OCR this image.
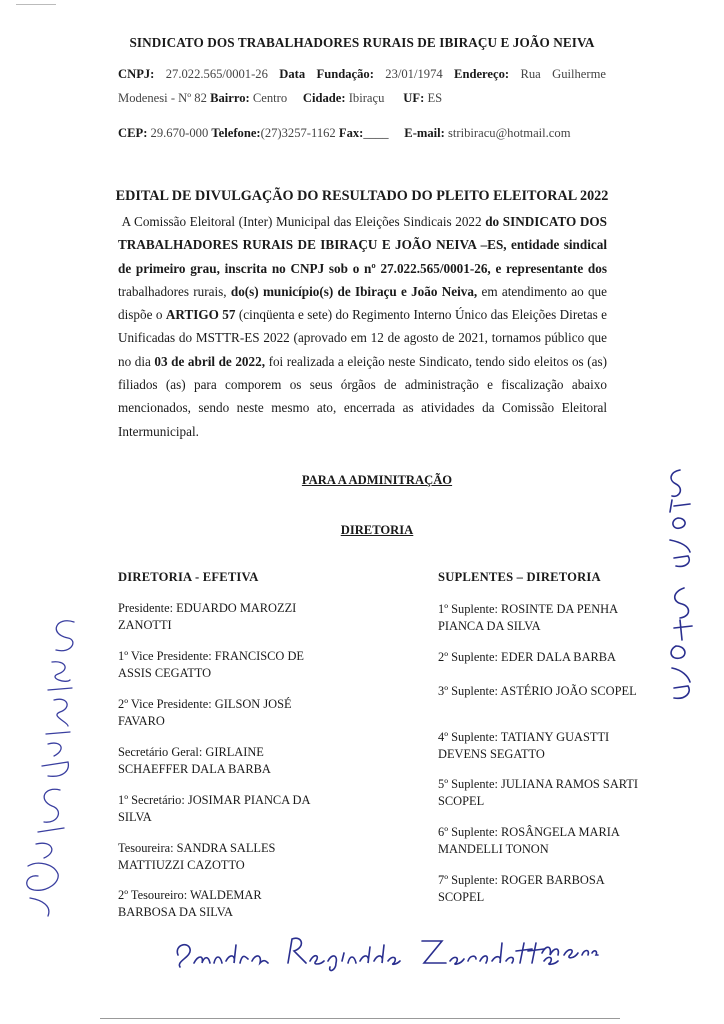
SINDICATO DOS TRABALHADORES RURAIS DE IBIRAÇU E JOÃO NEIVA
CNPJ: 27.022.565/0001-26 Data Fundação: 23/01/1974 Endereço: Rua Guilherme
Modenesi - Nº 82 Bairro: Centro Cidade: Ibiraçu UF: ES
CEP: 29.670-000 Telefone:(27)3257-1162 Fax:____ E-mail: stribiracu@hotmail.com
EDITAL DE DIVULGAÇÃO DO RESULTADO DO PLEITO ELEITORAL 2022
A Comissão Eleitoral (Inter) Municipal das Eleições Sindicais 2022 do SINDICATO DOS TRABALHADORES RURAIS DE IBIRAÇU E JOÃO NEIVA –ES, entidade sindical de primeiro grau, inscrita no CNPJ sob o nº 27.022.565/0001-26, e representante dos trabalhadores rurais, do(s) município(s) de Ibiraçu e João Neiva, em atendimento ao que dispõe o ARTIGO 57 (cinqüenta e sete) do Regimento Interno Único das Eleições Diretas e Unificadas do MSTTR-ES 2022 (aprovado em 12 de agosto de 2021, tornamos público que no dia 03 de abril de 2022, foi realizada a eleição neste Sindicato, tendo sido eleitos os (as) filiados (as) para comporem os seus órgãos de administração e fiscalização abaixo mencionados, sendo neste mesmo ato, encerrada as atividades da Comissão Eleitoral Intermunicipal.
PARA A ADMINITRAÇÃO
DIRETORIA
DIRETORIA - EFETIVA	SUPLENTES – DIRETORIA
Presidente: EDUARDO MAROZZI ZANOTTI
1º Vice Presidente: FRANCISCO DE ASSIS CEGATTO
2º Vice Presidente: GILSON JOSÉ FAVARO
Secretário Geral: GIRLAINE SCHAEFFER DALA BARBA
1º Secretário: JOSIMAR PIANCA DA SILVA
Tesoureira: SANDRA SALLES MATTIUZZI CAZOTTO
2º Tesoureiro: WALDEMAR BARBOSA DA SILVA
1º Suplente: ROSINTE DA PENHA PIANCA DA SILVA
2º Suplente: EDER DALA BARBA
3º Suplente: ASTÉRIO JOÃO SCOPEL
4º Suplente: TATIANY GUASTTI DEVENS SEGATTO
5º Suplente: JULIANA RAMOS SARTI SCOPEL
6º Suplente: ROSÂNGELA MARIA MANDELLI TONON
7º Suplente: ROGER BARBOSA SCOPEL
